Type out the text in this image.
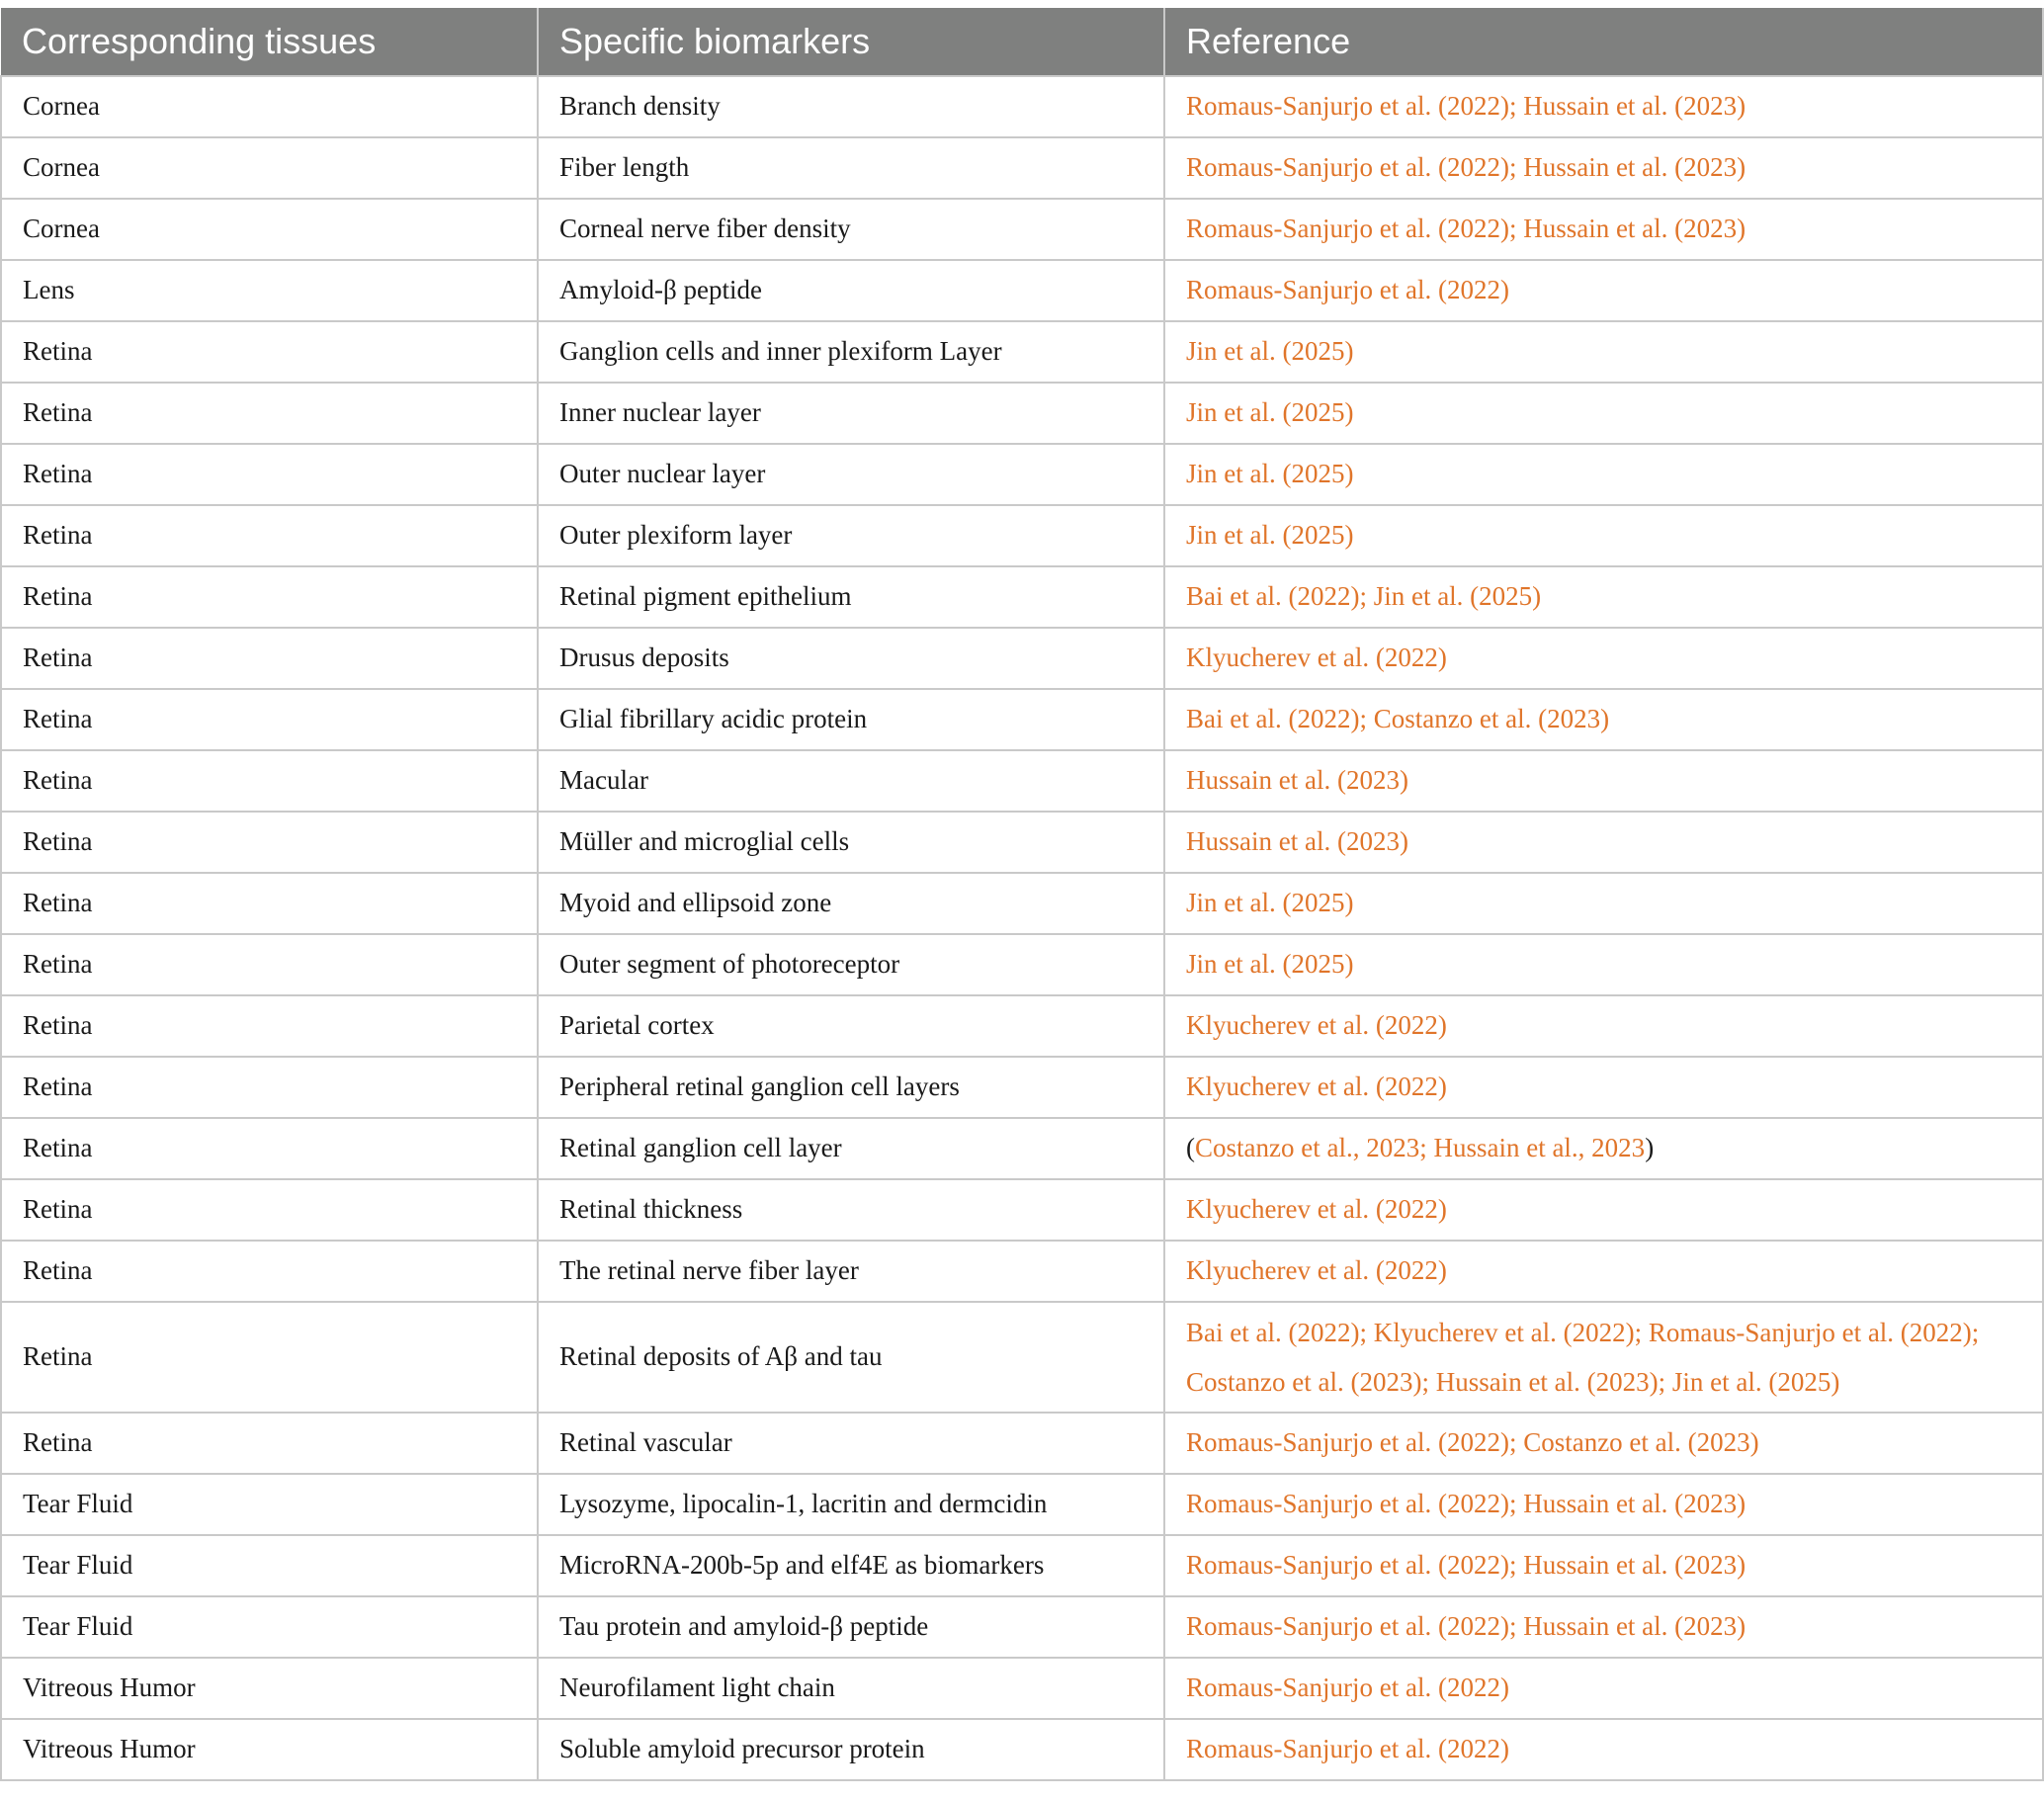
Corresponding tissues	Specific biomarkers	Reference
Cornea	Branch density	Romaus-Sanjurjo et al. (2022); Hussain et al. (2023)
Cornea	Fiber length	Romaus-Sanjurjo et al. (2022); Hussain et al. (2023)
Cornea	Corneal nerve fiber density	Romaus-Sanjurjo et al. (2022); Hussain et al. (2023)
Lens	Amyloid-β peptide	Romaus-Sanjurjo et al. (2022)
Retina	Ganglion cells and inner plexiform Layer	Jin et al. (2025)
Retina	Inner nuclear layer	Jin et al. (2025)
Retina	Outer nuclear layer	Jin et al. (2025)
Retina	Outer plexiform layer	Jin et al. (2025)
Retina	Retinal pigment epithelium	Bai et al. (2022); Jin et al. (2025)
Retina	Drusus deposits	Klyucherev et al. (2022)
Retina	Glial fibrillary acidic protein	Bai et al. (2022); Costanzo et al. (2023)
Retina	Macular	Hussain et al. (2023)
Retina	Müller and microglial cells	Hussain et al. (2023)
Retina	Myoid and ellipsoid zone	Jin et al. (2025)
Retina	Outer segment of photoreceptor	Jin et al. (2025)
Retina	Parietal cortex	Klyucherev et al. (2022)
Retina	Peripheral retinal ganglion cell layers	Klyucherev et al. (2022)
Retina	Retinal ganglion cell layer	(Costanzo et al., 2023; Hussain et al., 2023)
Retina	Retinal thickness	Klyucherev et al. (2022)
Retina	The retinal nerve fiber layer	Klyucherev et al. (2022)
Retina	Retinal deposits of Aβ and tau	Bai et al. (2022); Klyucherev et al. (2022); Romaus-Sanjurjo et al. (2022);
Costanzo et al. (2023); Hussain et al. (2023); Jin et al. (2025)

Retina	Retinal vascular	Romaus-Sanjurjo et al. (2022); Costanzo et al. (2023)
Tear Fluid	Lysozyme, lipocalin-1, lacritin and dermcidin	Romaus-Sanjurjo et al. (2022); Hussain et al. (2023)
Tear Fluid	MicroRNA-200b-5p and elf4E as biomarkers	Romaus-Sanjurjo et al. (2022); Hussain et al. (2023)
Tear Fluid	Tau protein and amyloid-β peptide	Romaus-Sanjurjo et al. (2022); Hussain et al. (2023)
Vitreous Humor	Neurofilament light chain	Romaus-Sanjurjo et al. (2022)
Vitreous Humor	Soluble amyloid precursor protein	Romaus-Sanjurjo et al. (2022)
